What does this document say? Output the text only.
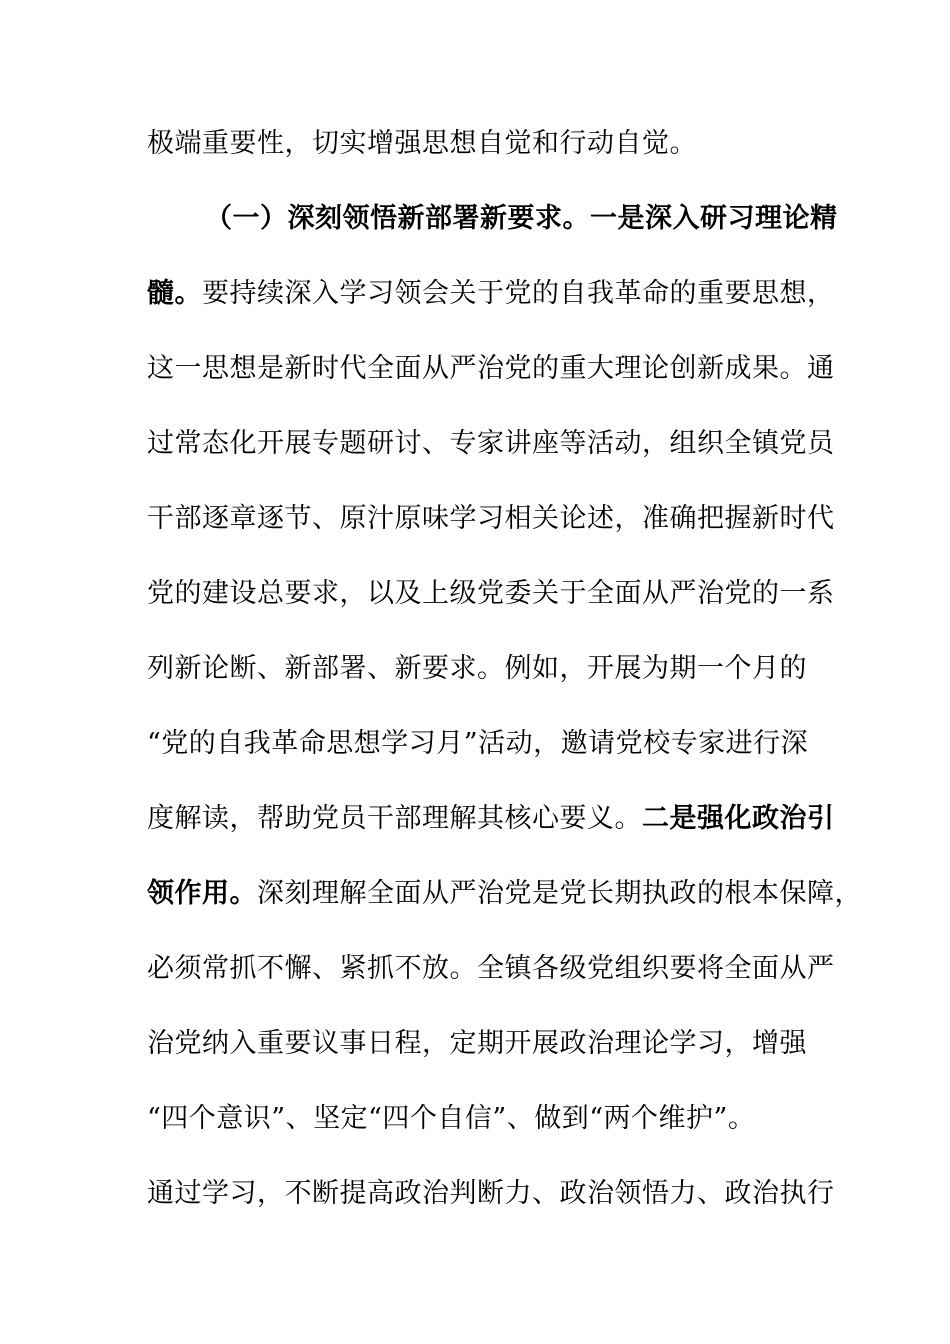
极端重要性，切实增强思想自觉和行动自觉。
（一）深刻领悟新部署新要求。一是深入研习理论精
髓。要持续深入学习领会关于党的自我革命的重要思想，
这一思想是新时代全面从严治党的重大理论创新成果。通
过常态化开展专题研讨、专家讲座等活动，组织全镇党员
干部逐章逐节、原汁原味学习相关论述，准确把握新时代
党的建设总要求，以及上级党委关于全面从严治党的一系
列新论断、新部署、新要求。例如，开展为期一个月的
“党的自我革命思想学习月”活动，邀请党校专家进行深
度解读，帮助党员干部理解其核心要义。二是强化政治引
领作用。深刻理解全面从严治党是党长期执政的根本保障，
必须常抓不懈、紧抓不放。全镇各级党组织要将全面从严
治党纳入重要议事日程，定期开展政治理论学习，增强
“四个意识”、坚定“四个自信”、做到“两个维护”。
通过学习，不断提高政治判断力、政治领悟力、政治执行
